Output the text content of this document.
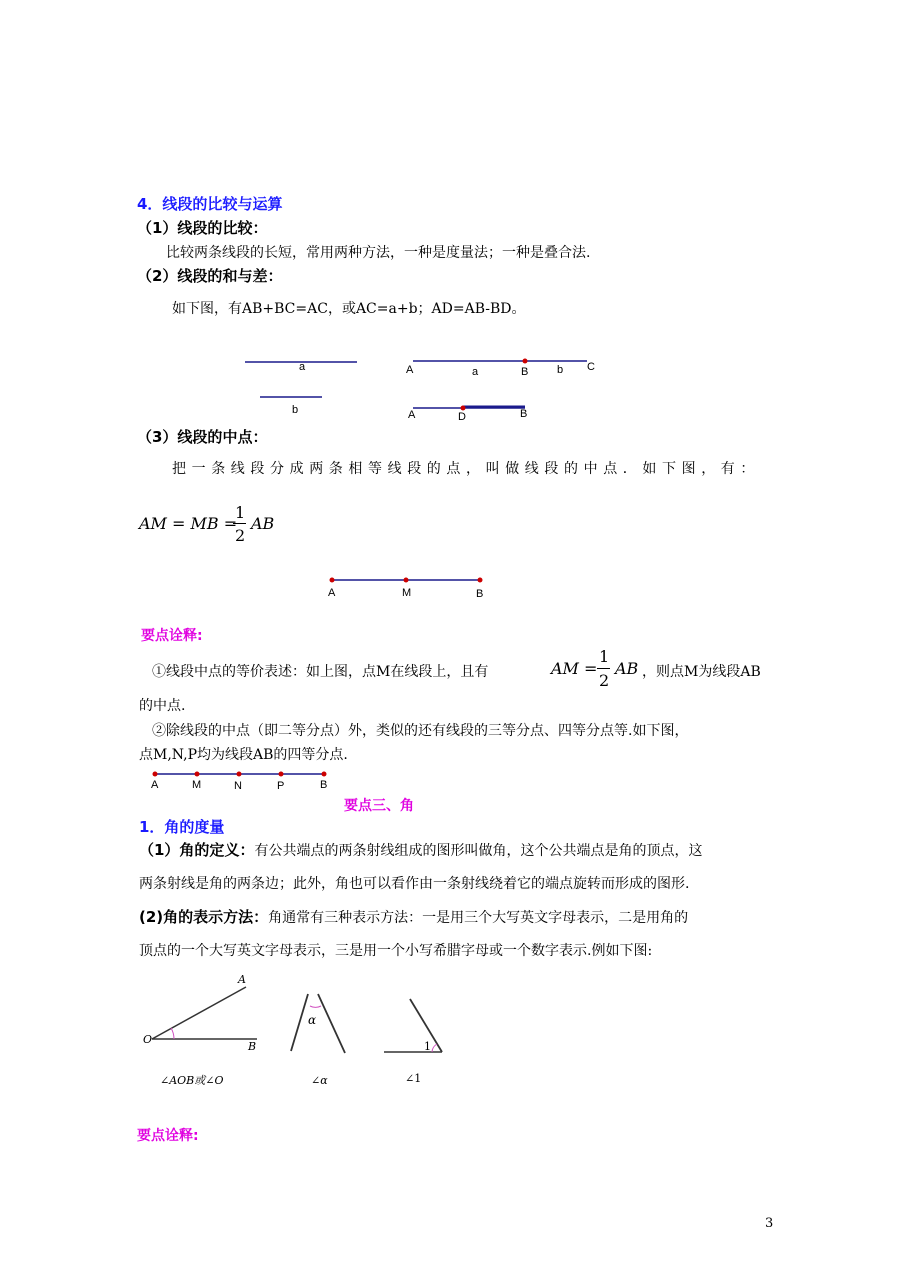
4．线段的比较与运算
（1）线段的比较：
比较两条线段的长短，常用两种方法，一种是度量法；一种是叠合法.
（2）线段的和与差：
如下图，有AB+BC=AC，或AC=a+b；AD=AB-BD。
a
b
A	a	B	b C
A	D	B
（3）线段的中点：
把一条线段分成两条相等线段的点，叫做线段的中点．如下图，有：
AM = MB =
1
2
AB
A	M	B
要点诠释:
①线段中点的等价表述：如上图，点M在线段上，且有	AM =
1
2
AB ，则点M为线段AB
的中点.
②除线段的中点（即二等分点）外，类似的还有线段的三等分点、四等分点等.如下图，
点M,N,P均为线段AB的四等分点.
A	M	N	P	B
要点三、角
1．角的度量
（1）角的定义：有公共端点的两条射线组成的图形叫做角，这个公共端点是角的顶点，这
两条射线是角的两条边；此外，角也可以看作由一条射线绕着它的端点旋转而形成的图形.
(2)角的表示方法：角通常有三种表示方法：一是用三个大写英文字母表示，二是用角的
顶点的一个大写英文字母表示，三是用一个小写希腊字母或一个数字表示.例如下图:
A
O
B
∠AOB或∠O
α
∠α
1
∠1
要点诠释:
3
